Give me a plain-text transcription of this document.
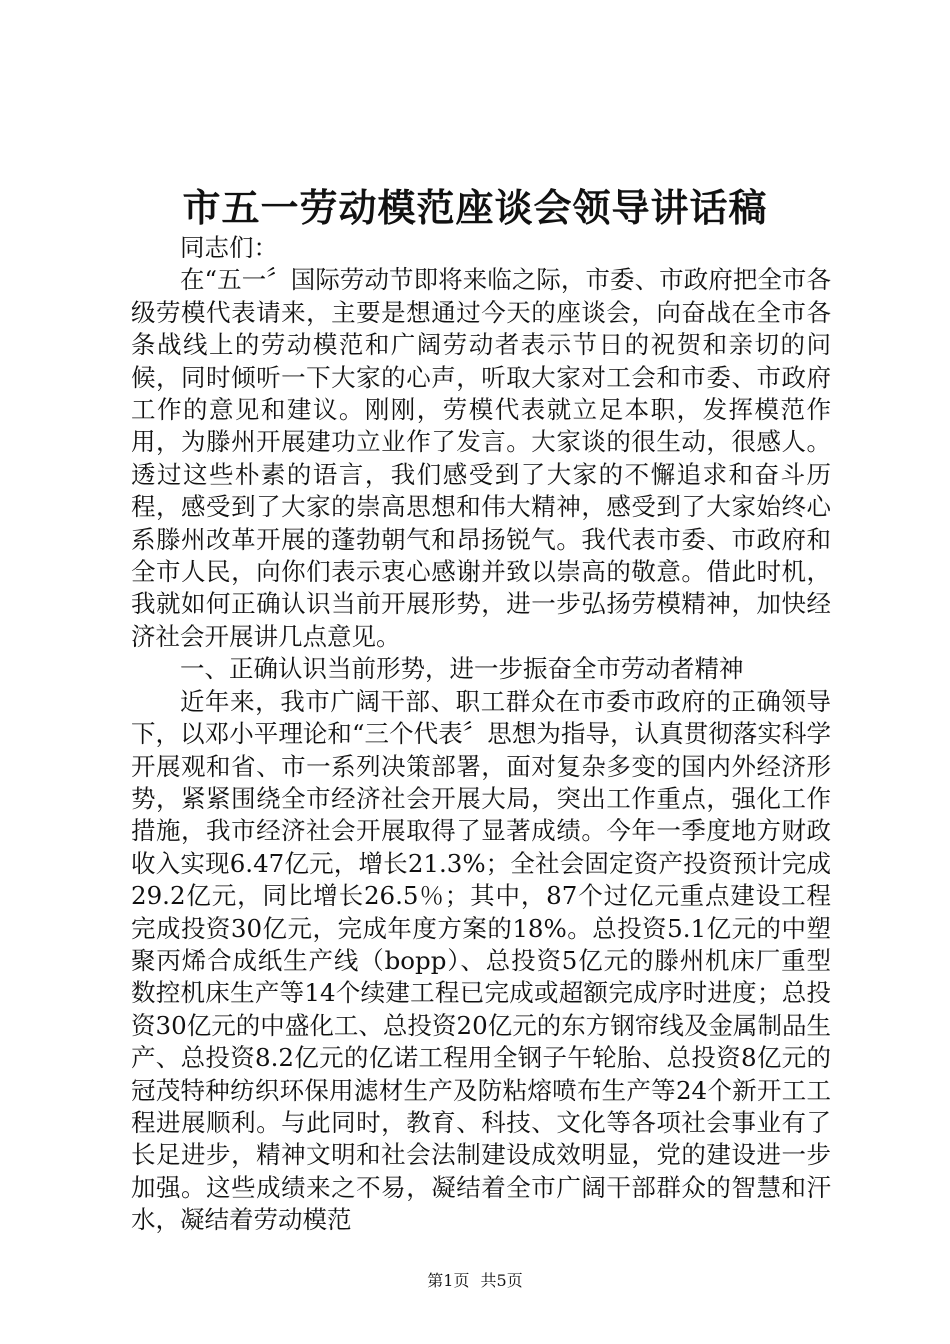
市五一劳动模范座谈会领导讲话稿

同志们：

在“五一〞国际劳动节即将来临之际，市委、市政府把全市各级劳模代表请来，主要是想通过今天的座谈会，向奋战在全市各条战线上的劳动模范和广阔劳动者表示节日的祝贺和亲切的问候，同时倾听一下大家的心声，听取大家对工会和市委、市政府工作的意见和建议。刚刚，劳模代表就立足本职，发挥模范作用，为滕州开展建功立业作了发言。大家谈的很生动，很感人。透过这些朴素的语言，我们感受到了大家的不懈追求和奋斗历程，感受到了大家的崇高思想和伟大精神，感受到了大家始终心系滕州改革开展的蓬勃朝气和昂扬锐气。我代表市委、市政府和全市人民，向你们表示衷心感谢并致以崇高的敬意。借此时机，我就如何正确认识当前开展形势，进一步弘扬劳模精神，加快经济社会开展讲几点意见。

一、正确认识当前形势，进一步振奋全市劳动者精神

近年来，我市广阔干部、职工群众在市委市政府的正确领导下，以邓小平理论和“三个代表〞思想为指导，认真贯彻落实科学开展观和省、市一系列决策部署，面对复杂多变的国内外经济形势，紧紧围绕全市经济社会开展大局，突出工作重点，强化工作措施，我市经济社会开展取得了显著成绩。今年一季度地方财政收入实现6.47亿元，增长21.3%；全社会固定资产投资预计完成29.2亿元，同比增长26.5％；其中，87个过亿元重点建设工程完成投资30亿元，完成年度方案的18%。总投资5.1亿元的中塑聚丙烯合成纸生产线（bopp）、总投资5亿元的滕州机床厂重型数控机床生产等14个续建工程已完成或超额完成序时进度；总投资30亿元的中盛化工、总投资20亿元的东方钢帘线及金属制品生产、总投资8.2亿元的亿诺工程用全钢子午轮胎、总投资8亿元的冠茂特种纺织环保用滤材生产及防粘熔喷布生产等24个新开工工程进展顺利。与此同时，教育、科技、文化等各项社会事业有了长足进步，精神文明和社会法制建设成效明显，党的建设进一步加强。这些成绩来之不易，凝结着全市广阔干部群众的智慧和汗水，凝结着劳动模范

第1页 共5页
